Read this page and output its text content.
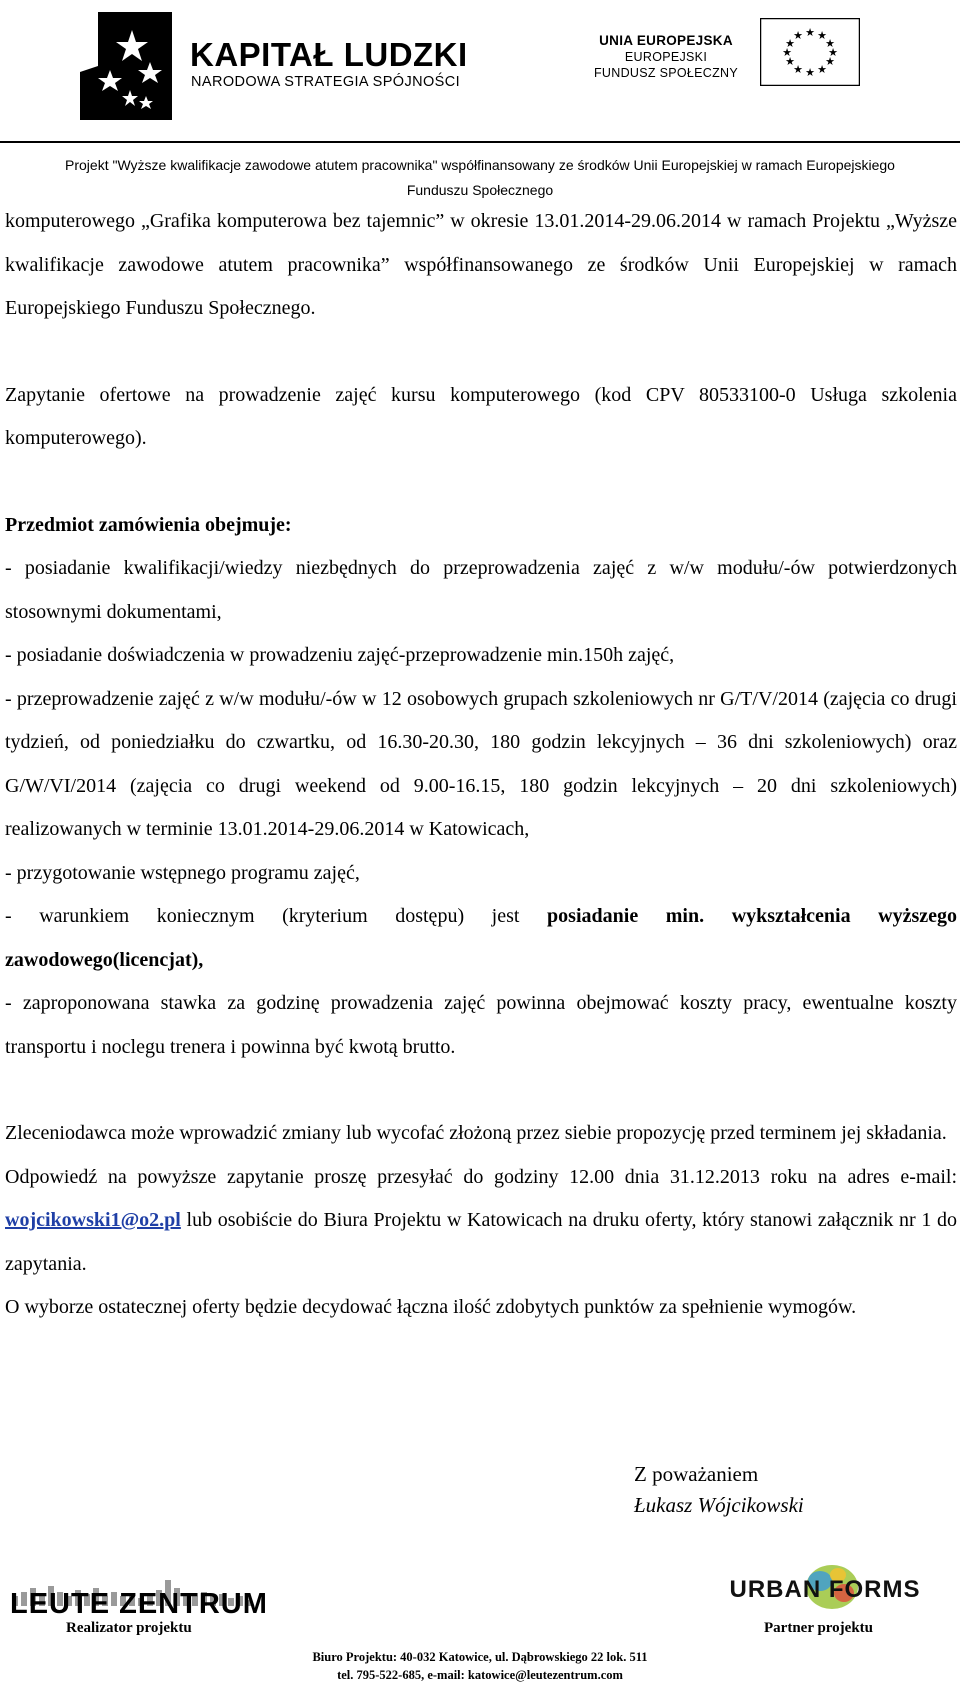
KAPITAŁ LUDZKI
NARODOWA STRATEGIA SPÓJNOŚCI
UNIA EUROPEJSKA
EUROPEJSKI
FUNDUSZ SPOŁECZNY
★ ★
★
★
★
★
★
★
★
★
★
★
Projekt "Wyższe kwalifikacje zawodowe atutem pracownika" współfinansowany ze środków Unii Europejskiej w ramach Europejskiego
Funduszu Społecznego

komputerowego „Grafika komputerowa bez tajemnic” w okresie 13.01.2014-29.06.2014 w ramach Projektu „Wyższe kwalifikacje zawodowe atutem pracownika” współfinansowanego ze środków Unii Europejskiej w ramach Europejskiego Funduszu Społecznego.

Zapytanie ofertowe na prowadzenie zajęć kursu komputerowego (kod CPV 80533100-0 Usługa szkolenia komputerowego).

Przedmiot zamówienia obejmuje:

- posiadanie kwalifikacji/wiedzy niezbędnych do przeprowadzenia zajęć z w/w modułu/-ów potwierdzonych stosownymi dokumentami,

- posiadanie doświadczenia w prowadzeniu zajęć-przeprowadzenie min.150h zajęć,

- przeprowadzenie zajęć z w/w modułu/-ów w 12 osobowych grupach szkoleniowych nr G/T/V/2014 (zajęcia co drugi tydzień, od poniedziałku do czwartku, od 16.30-20.30, 180 godzin lekcyjnych – 36 dni szkoleniowych) oraz G/W/VI/2014 (zajęcia co drugi weekend od 9.00-16.15, 180 godzin lekcyjnych – 20 dni szkoleniowych) realizowanych w terminie 13.01.2014-29.06.2014 w Katowicach,

- przygotowanie wstępnego programu zajęć,

- warunkiem koniecznym (kryterium dostępu) jest posiadanie min. wykształcenia wyższego zawodowego(licencjat),

- zaproponowana stawka za godzinę prowadzenia zajęć powinna obejmować koszty pracy, ewentualne koszty transportu i noclegu trenera i powinna być kwotą brutto.

Zleceniodawca może wprowadzić zmiany lub wycofać złożoną przez siebie propozycję przed terminem jej składania.

Odpowiedź na powyższe zapytanie proszę przesyłać do godziny 12.00 dnia 31.12.2013 roku na adres e-mail: wojcikowski1@o2.pl lub osobiście do Biura Projektu w Katowicach na druku oferty, który stanowi załącznik nr 1 do zapytania.

O wyborze ostatecznej oferty będzie decydować łączna ilość zdobytych punktów za spełnienie wymogów.

Z poważaniem
Łukasz Wójcikowski
LEUTE ZENTRUM
Realizator projektu
URBAN FORMS
Partner projektu
Biuro Projektu: 40-032 Katowice, ul. Dąbrowskiego 22 lok. 511
tel. 795-522-685, e-mail: katowice@leutezentrum.com
